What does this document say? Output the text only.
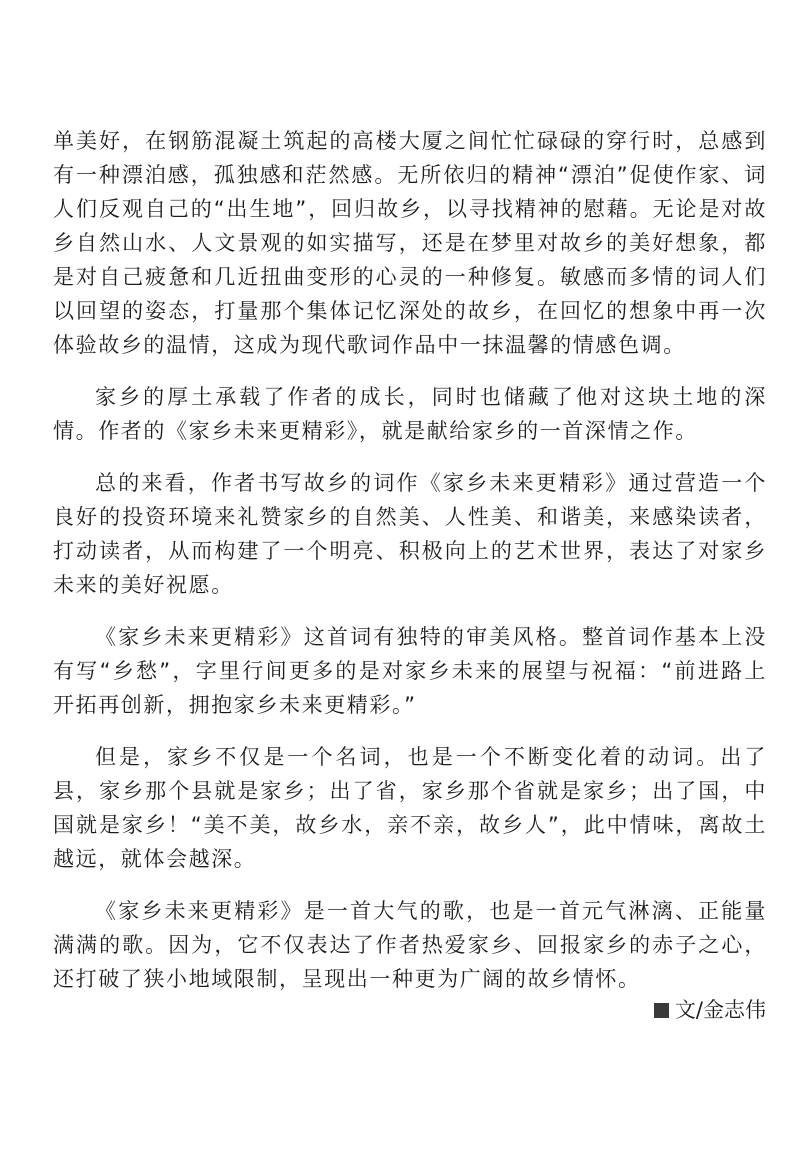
单美好，在钢筋混凝土筑起的高楼大厦之间忙忙碌碌的穿行时，总感到有一种漂泊感，孤独感和茫然感。无所依归的精神“漂泊”促使作家、词人们反观自己的“出生地”，回归故乡，以寻找精神的慰藉。无论是对故乡自然山水、人文景观的如实描写，还是在梦里对故乡的美好想象，都是对自己疲惫和几近扭曲变形的心灵的一种修复。敏感而多情的词人们以回望的姿态，打量那个集体记忆深处的故乡，在回忆的想象中再一次体验故乡的温情，这成为现代歌词作品中一抹温馨的情感色调。

家乡的厚土承载了作者的成长，同时也储藏了他对这块土地的深情。作者的《家乡未来更精彩》，就是献给家乡的一首深情之作。

总的来看，作者书写故乡的词作《家乡未来更精彩》通过营造一个良好的投资环境来礼赞家乡的自然美、人性美、和谐美，来感染读者，打动读者，从而构建了一个明亮、积极向上的艺术世界，表达了对家乡未来的美好祝愿。

《家乡未来更精彩》这首词有独特的审美风格。整首词作基本上没有写“乡愁”，字里行间更多的是对家乡未来的展望与祝福：“前进路上开拓再创新，拥抱家乡未来更精彩。”

但是，家乡不仅是一个名词，也是一个不断变化着的动词。出了县，家乡那个县就是家乡；出了省，家乡那个省就是家乡；出了国，中国就是家乡！“美不美，故乡水，亲不亲，故乡人”，此中情味，离故土越远，就体会越深。

《家乡未来更精彩》是一首大气的歌，也是一首元气淋漓、正能量满满的歌。因为，它不仅表达了作者热爱家乡、回报家乡的赤子之心，还打破了狭小地域限制，呈现出一种更为广阔的故乡情怀。

文/金志伟
